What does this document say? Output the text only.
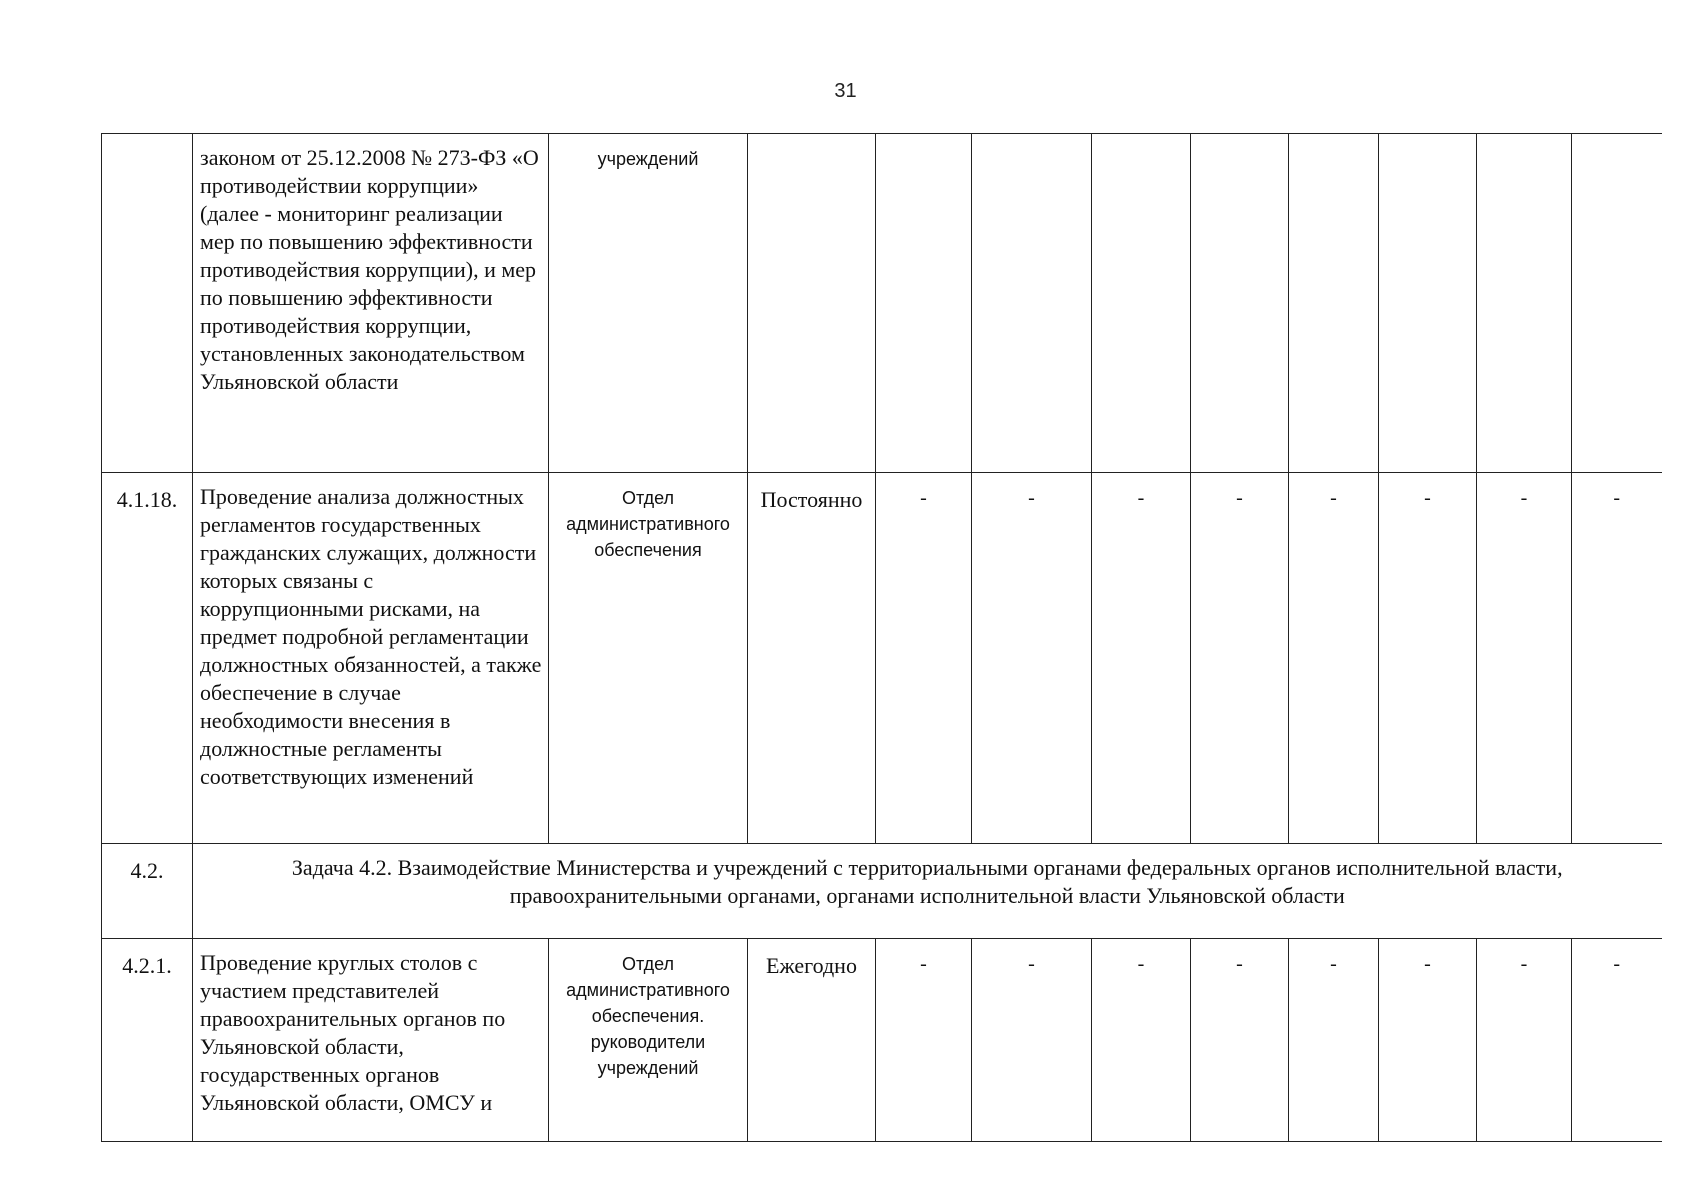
31
	законом от 25.12.2008 № 273-ФЗ «О противодействии коррупции» (далее - мониторинг реализации мер по повышению эффективности противодействия коррупции), и мер по повышению эффективности противодействия коррупции, установленных законодательством Ульяновской области	учреждений									
4.1.18.	Проведение анализа должностных регламентов государственных гражданских служащих, должности которых связаны с коррупционными рисками, на предмет подробной регламентации должностных обязанностей, а также обеспечение в случае необходимости внесения в должностные регламенты соответствующих изменений	Отдел административного обеспечения	Постоянно	-	-	-	-	-	-	-	-
4.2.	Задача 4.2. Взаимодействие Министерства и учреждений с территориальными органами федеральных органов исполнительной власти, правоохранительными органами, органами исполнительной власти Ульяновской области										
4.2.1.	Проведение круглых столов с участием представителей правоохранительных органов по Ульяновской области, государственных органов Ульяновской области, ОМСУ и	Отдел административного обеспечения. руководители учреждений	Ежегодно	-	-	-	-	-	-	-	-
